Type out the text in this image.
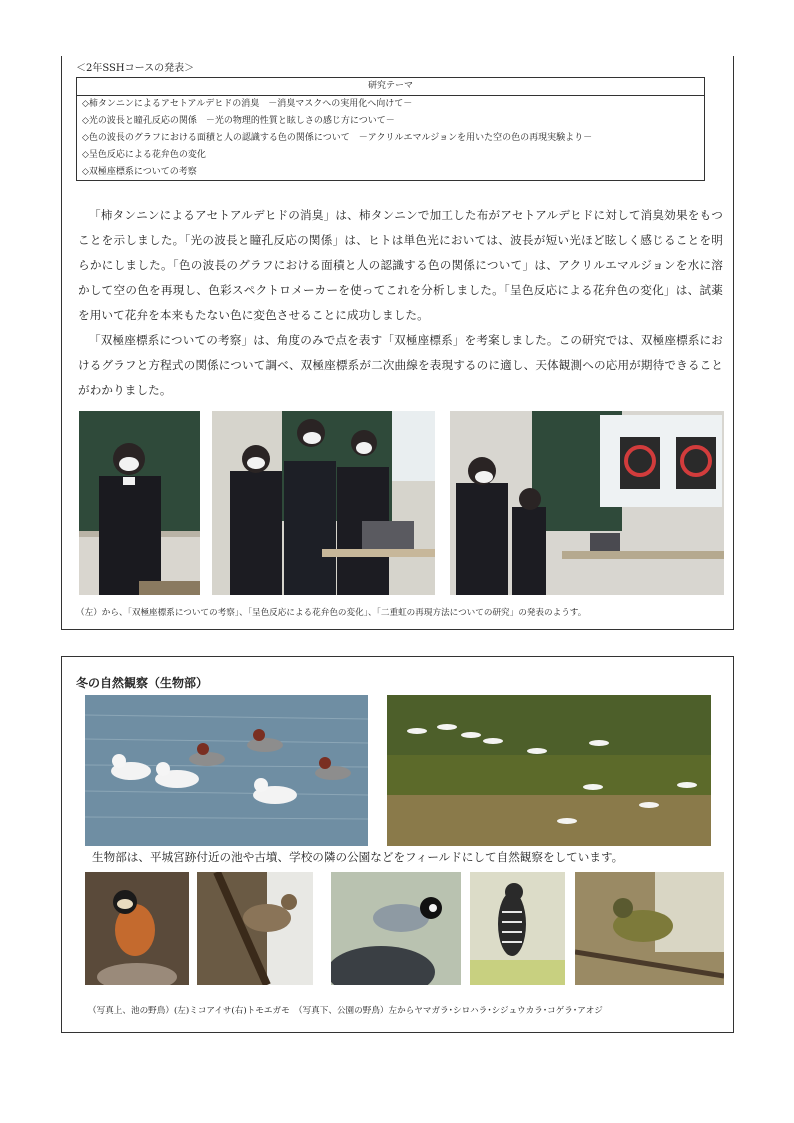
＜2年SSHコースの発表＞
研究テーマ
◇柿タンニンによるアセトアルデヒドの消臭　－消臭マスクへの実用化へ向けて－
◇光の波長と瞳孔反応の関係　－光の物理的性質と眩しさの感じ方について－
◇色の波長のグラフにおける面積と人の認識する色の関係について　－アクリルエマルジョンを用いた空の色の再現実験より－
◇呈色反応による花弁色の変化
◇双極座標系についての考察
「柿タンニンによるアセトアルデヒドの消臭」は、柿タンニンで加工した布がアセトアルデヒドに対して消臭効果をもつことを示しました。「光の波長と瞳孔反応の関係」は、ヒトは単色光においては、波長が短い光ほど眩しく感じることを明らかにしました。「色の波長のグラフにおける面積と人の認識する色の関係について」は、アクリルエマルジョンを水に溶かして空の色を再現し、色彩スペクトロメーカーを使ってこれを分析しました。「呈色反応による花弁色の変化」は、試薬を用いて花弁を本来もたない色に変色させることに成功しました。
「双極座標系についての考察」は、角度のみで点を表す「双極座標系」を考案しました。この研究では、双極座標系におけるグラフと方程式の関係について調べ、双極座標系が二次曲線を表現するのに適し、天体観測への応用が期待できることがわかりました。
（左）から、「双極座標系についての考察」、「呈色反応による花弁色の変化」、「二重虹の再現方法についての研究」の発表のようす。
冬の自然観察（生物部）
生物部は、平城宮跡付近の池や古墳、学校の隣の公園などをフィールドにして自然観察をしています。
（写真上、池の野鳥）(左)ミコアイサ(右)トモエガモ　（写真下、公園の野鳥）左からヤマガラ･シロハラ･シジュウカラ･コゲラ･アオジ
